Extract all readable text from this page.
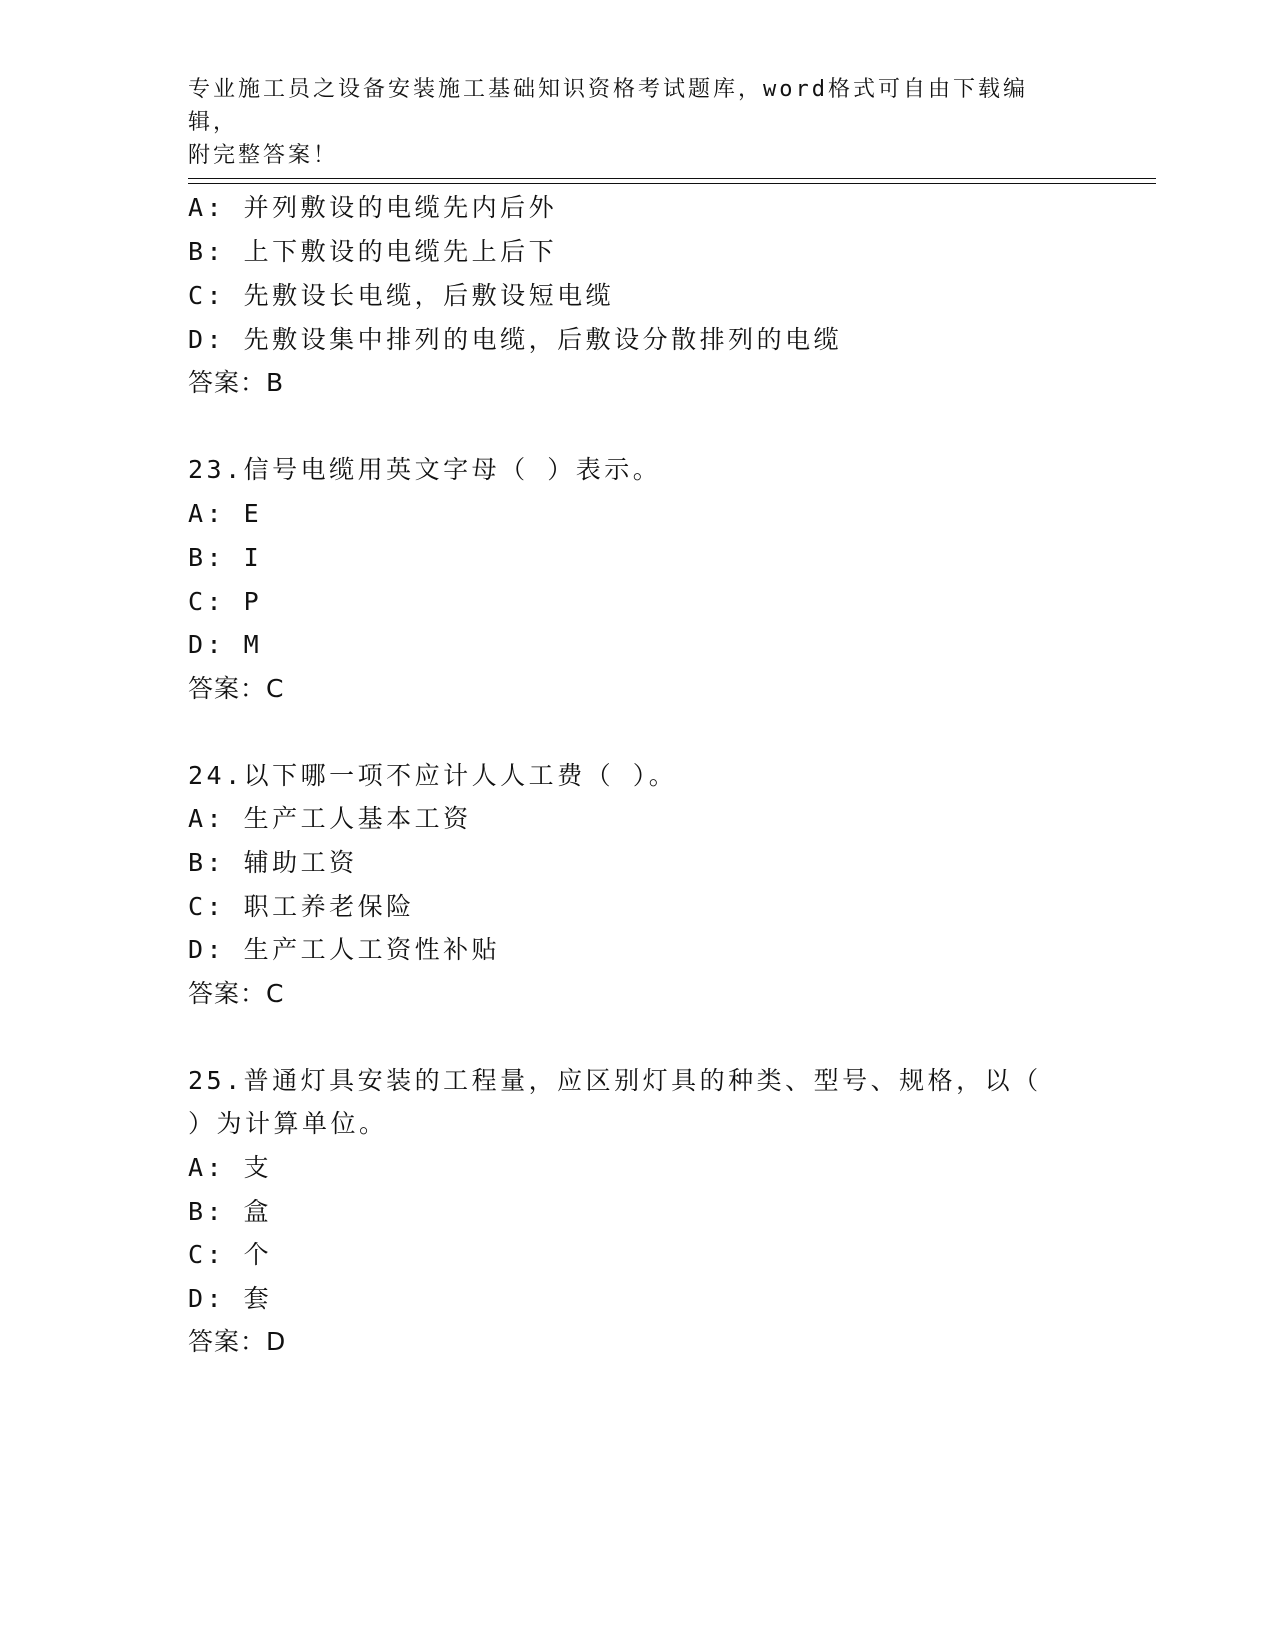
专业施工员之设备安装施工基础知识资格考试题库，word格式可自由下载编辑，
附完整答案！
A: 并列敷设的电缆先内后外
B: 上下敷设的电缆先上后下
C: 先敷设长电缆，后敷设短电缆
D: 先敷设集中排列的电缆，后敷设分散排列的电缆
答案：B
23.信号电缆用英文字母（ ）表示。
A: E
B: I
C: P
D: M
答案：C
24.以下哪一项不应计人人工费（ ）。
A: 生产工人基本工资
B: 辅助工资
C: 职工养老保险
D: 生产工人工资性补贴
答案：C
25.普通灯具安装的工程量，应区别灯具的种类、型号、规格，以（
）为计算单位。
A: 支
B: 盒
C: 个
D: 套
答案：D
